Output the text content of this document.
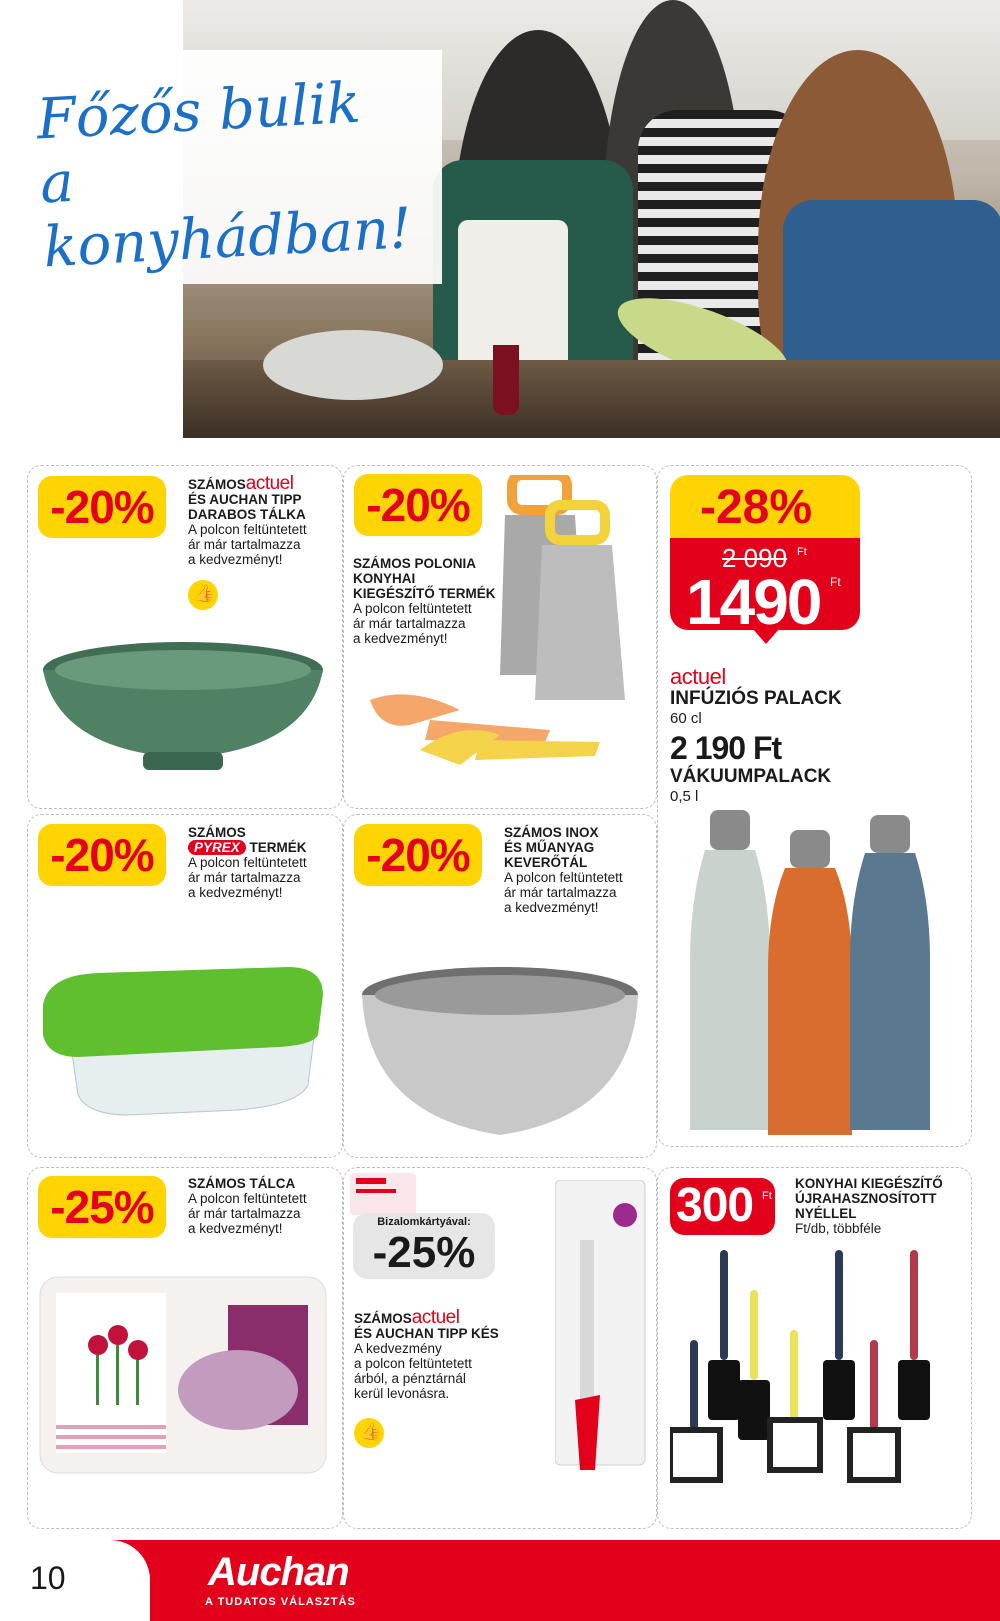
Főzős bulik
a konyhádban!
-20%	SZÁMOSactuel
ÉS AUCHAN TIPP
DARABOS TÁLKA
A polcon feltüntetett
ár már tartalmazza
a kedvezményt!
👍
-20%
SZÁMOS POLONIA
KONYHAI
KIEGÉSZÍTŐ TERMÉK
A polcon feltüntetett
ár már tartalmazza
a kedvezményt!
-28%
2 090 Ft
1490 Ft
actuel
INFÚZIÓS PALACK
60 cl
2 190 Ft
VÁKUUMPALACK
0,5 l
-20%	SZÁMOS
PYREX TERMÉK
A polcon feltüntetett
ár már tartalmazza
a kedvezményt!
-20%	SZÁMOS INOX
ÉS MŰANYAG
KEVERŐTÁL
A polcon feltüntetett
ár már tartalmazza
a kedvezményt!
-25%	SZÁMOS TÁLCA
A polcon feltüntetett
ár már tartalmazza
a kedvezményt!	Bizalomkártyával:
-25%
SZÁMOSactuel
ÉS AUCHAN TIPP KÉS
A kedvezmény
a polcon feltüntetett
árból, a pénztárnál
kerül levonásra.
👍
300 Ft
KONYHAI KIEGÉSZÍTŐ
ÚJRAHASZNOSÍTOTT
NYÉLLEL
Ft/db, többféle
10	Auchan
A TUDATOS VÁLASZTÁS
